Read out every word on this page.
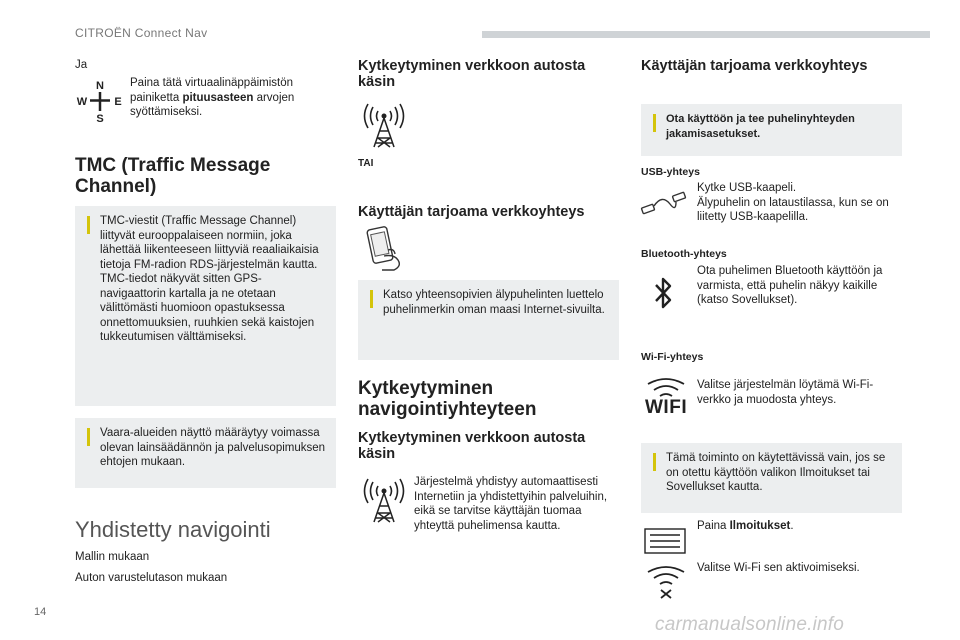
CITROËN Connect Nav
Ja
N
W E
S
Paina tätä virtuaalinäppäimistön painiketta pituusasteen arvojen syöttämiseksi.
TMC (Traffic Message Channel)
TMC-viestit (Traffic Message Channel) liittyvät eurooppalaiseen normiin, joka lähettää liikenteeseen liittyviä reaaliaikaisia tietoja FM-radion RDS-järjestelmän kautta.
TMC-tiedot näkyvät sitten GPS-navigaattorin kartalla ja ne otetaan välittömästi huomioon opastuksessa onnettomuuksien, ruuhkien sekä kaistojen tukkeutumisen välttämiseksi.
Vaara-alueiden näyttö määräytyy voimassa olevan lainsäädännön ja palvelusopimuksen ehtojen mukaan.
Yhdistetty navigointi
Mallin mukaan
Auton varustelutason mukaan
Kytkeytyminen verkkoon autosta käsin
TAI
Käyttäjän tarjoama verkkoyhteys
Katso yhteensopivien älypuhelinten luettelo puhelinmerkin oman maasi Internet-sivuilta.
Kytkeytyminen navigointiyhteyteen
Kytkeytyminen verkkoon autosta käsin
Järjestelmä yhdistyy automaattisesti Internetiin ja yhdistettyihin palveluihin, eikä se tarvitse käyttäjän tuomaa yhteyttä puhelimensa kautta.
Käyttäjän tarjoama verkkoyhteys
Ota käyttöön ja tee puhelinyhteyden jakamisasetukset.
USB-yhteys
Kytke USB-kaapeli.
Älypuhelin on lataustilassa, kun se on liitetty USB-kaapelilla.
Bluetooth-yhteys
Ota puhelimen Bluetooth käyttöön ja varmista, että puhelin näkyy kaikille (katso Sovellukset).
Wi-Fi-yhteys
WIFI
Valitse järjestelmän löytämä Wi-Fi-verkko ja muodosta yhteys.
Tämä toiminto on käytettävissä vain, jos se on otettu käyttöön valikon Ilmoitukset tai Sovellukset kautta.
Paina Ilmoitukset.
Valitse Wi-Fi sen aktivoimiseksi.
14
carmanualsonline.info
